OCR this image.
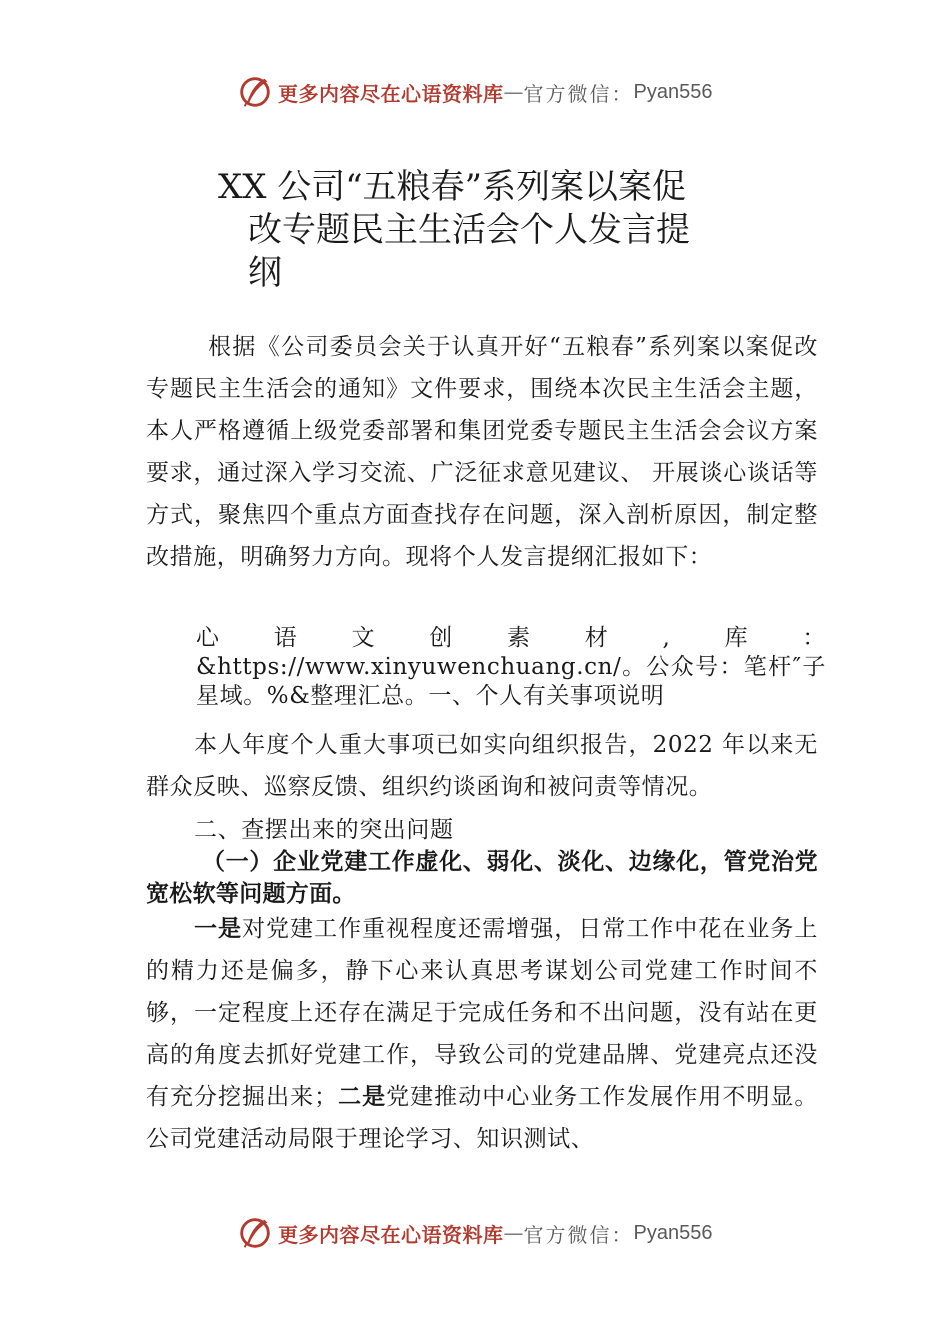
更多内容尽在心语资料库 — 官方微信： Pyan556
XX 公司“五粮春”系列案以案促
改专题民主生活会个人发言提
纲
根据《公司委员会关于认真开好“五粮春”系列案以案促改专题民主生活会的通知》文件要求，围绕本次民主生活会主题，本人严格遵循上级党委部署和集团党委专题民主生活会会议方案要求，通过深入学习交流、广泛征求意见建议、 开展谈心谈话等方式，聚焦四个重点方面查找存在问题，深入剖析原因，制定整改措施，明确努力方向。现将个人发言提纲汇报如下：
心语文创素材,库：&https://www.xinyuwenchuang.cn/。公众号：笔杆″子星域。%&整理汇总。一、个人有关事项说明
本人年度个人重大事项已如实向组织报告，2022 年以来无群众反映、巡察反馈、组织约谈函询和被问责等情况。
二、查摆出来的突出问题
（一）企业党建工作虚化、弱化、淡化、边缘化，管党治党宽松软等问题方面。
一是对党建工作重视程度还需增强，日常工作中花在业务上的精力还是偏多，静下心来认真思考谋划公司党建工作时间不够，一定程度上还存在满足于完成任务和不出问题，没有站在更高的角度去抓好党建工作，导致公司的党建品牌、党建亮点还没有充分挖掘出来；二是党建推动中心业务工作发展作用不明显。公司党建活动局限于理论学习、知识测试、
更多内容尽在心语资料库 — 官方微信： Pyan556
